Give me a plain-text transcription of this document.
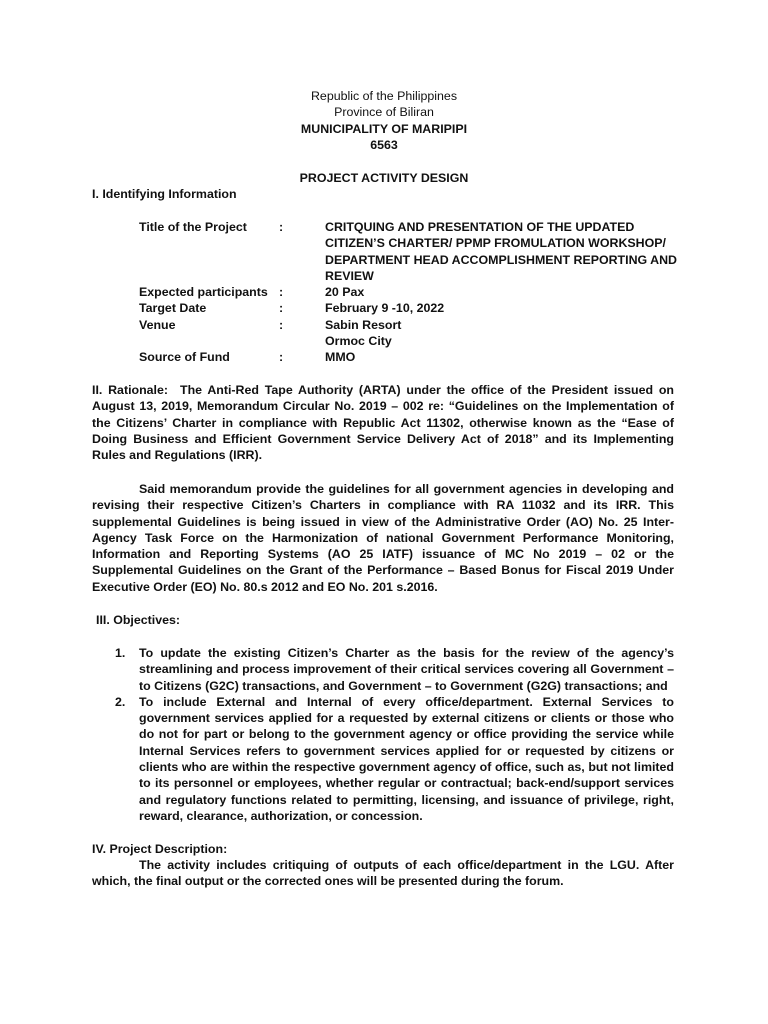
Republic of the Philippines
Province of Biliran
MUNICIPALITY OF MARIPIPI
6563
PROJECT ACTIVITY DESIGN
I. Identifying Information
Title of the Project	:	CRITQUING AND PRESENTATION OF THE UPDATED CITIZEN’S CHARTER/ PPMP FROMULATION WORKSHOP/ DEPARTMENT HEAD ACCOMPLISHMENT REPORTING AND REVIEW
Expected participants :	20 Pax
Target Date	:	February 9 -10, 2022
Venue	:	Sabin Resort
Ormoc City
Source of Fund	:	MMO
II. Rationale: The Anti-Red Tape Authority (ARTA) under the office of the President issued on August 13, 2019, Memorandum Circular No. 2019 – 002 re: “Guidelines on the Implementation of the Citizens’ Charter in compliance with Republic Act 11302, otherwise known as the “Ease of Doing Business and Efficient Government Service Delivery Act of 2018” and its Implementing Rules and Regulations (IRR).
Said memorandum provide the guidelines for all government agencies in developing and revising their respective Citizen’s Charters in compliance with RA 11032 and its IRR. This supplemental Guidelines is being issued in view of the Administrative Order (AO) No. 25 Inter-Agency Task Force on the Harmonization of national Government Performance Monitoring, Information and Reporting Systems (AO 25 IATF) issuance of MC No 2019 – 02 or the Supplemental Guidelines on the Grant of the Performance – Based Bonus for Fiscal 2019 Under Executive Order (EO) No. 80.s 2012 and EO No. 201 s.2016.
III. Objectives:
1.	To update the existing Citizen’s Charter as the basis for the review of the agency’s streamlining and process improvement of their critical services covering all Government – to Citizens (G2C) transactions, and Government – to Government (G2G) transactions; and
2.	To include External and Internal of every office/department. External Services to government services applied for a requested by external citizens or clients or those who do not for part or belong to the government agency or office providing the service while Internal Services refers to government services applied for or requested by citizens or clients who are within the respective government agency of office, such as, but not limited to its personnel or employees, whether regular or contractual; back-end/support services and regulatory functions related to permitting, licensing, and issuance of privilege, right, reward, clearance, authorization, or concession.
IV. Project Description:
The activity includes critiquing of outputs of each office/department in the LGU. After which, the final output or the corrected ones will be presented during the forum.
